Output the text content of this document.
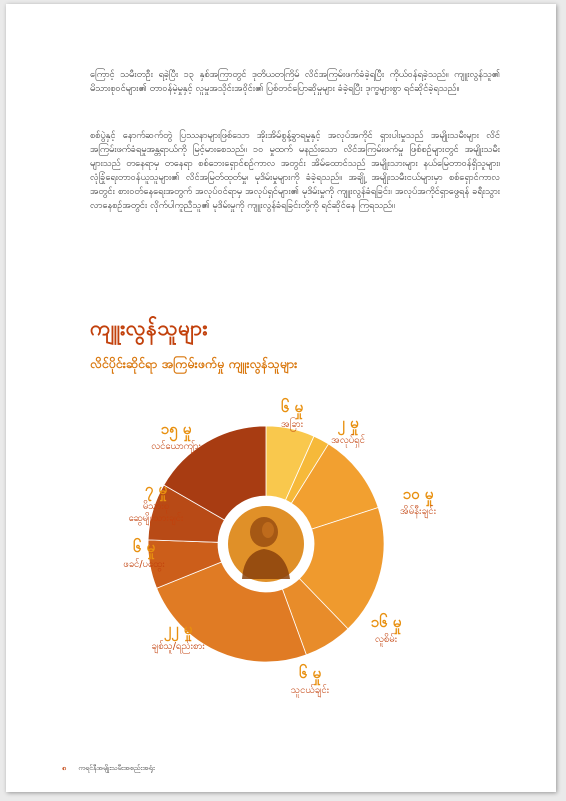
ကြောင့် သမီးတဦး ရခဲ့ပြီး ၁၃ နှစ်အကြာတွင် ဒုတိယတကြိမ် လိင်အကြမ်းဖက်ခံခဲ့ရပြီး ကိုယ်ဝန်ရခဲ့သည်။ ကျူးလွန်သူ၏ မိသားစုဝင်များ၏ တာဝန်မဲ့မှုနှင့် လူမှုအသိုင်းအဝိုင်း၏ ပြစ်တင်ပြောဆိုမှုများ ခံခဲ့ရပြီး ဒုက္ခများစွာ ရင်ဆိုင်ခဲ့ရသည်။

စစ်ပွဲနှင့် နောက်ဆက်တွဲ ပြဿနာများဖြစ်သော အိုးအိမ်စွန့်ခွာရမှုနှင့် အလုပ်အကိုင် ရှားပါးမှုသည် အမျိုးသမီးများ လိင်အကြမ်းဖက်ခံရမှုအန္တရာယ်ကို မြင့်မားစေသည်။ ၁၀ မှုထက် မနည်းသော လိင်အကြမ်းဖက်မှု ဖြစ်စဉ်များတွင် အမျိုးသမီးများသည် တနေရာမှ တနေရာ စစ်ဘေးရှောင်စဉ်ကာလ အတွင်း အိမ်ထောင်သည် အမျိုးသားများ နယ်မြေတာဝန်ရှိသူများ၊ လုံခြုံရေးတာဝန်ယူသူများ၏ လိင်အမြတ်ထုတ်မှု၊ မုဒိမ်းမှုများကို ခံခဲ့ရသည်။ အချို့ အမျိုးသမီးငယ်များမှာ စစ်ရှောင်ကာလအတွင်း စားဝတ်နေရေးအတွက် အလုပ်ဝင်ရာမှ အလုပ်ရှင်များ၏ မုဒိမ်းမှုကို ကျူးလွန်ခံရခြင်း၊ အလုပ်အကိုင်ရှာဖွေရန် ခရီးသွားလာနေစဉ်အတွင်း လိုက်ပါကူညီသူ၏ မုဒိမ်းမှုကို ကျူးလွန်ခံရခြင်းတို့ကို ရင်ဆိုင်နေ ကြရသည်။

ကျူးလွန်သူများ
လိင်ပိုင်းဆိုင်ရာ အကြမ်းဖက်မှု ကျူးလွန်သူများ
၆ မှု
အခြား ၂ မှု
အလုပ်ရှင်
၁၀ မှု
အိမ်နီးချင်း
၁၆ မှု
လူစိမ်း
၆ မှု
သူငယ်ချင်း
၂၂ မှု
ချစ်သူ/ရည်းစား
၆ မှု
ဖခင်/ပထွေး
၇ မှု
မိသားစု
ဆွေမျိုးသားချင်း
၁၅ မှု
လင်ယောကျ်ား
၈ ကရင်နီအမျိုးသမီးအစည်းအရုံး
